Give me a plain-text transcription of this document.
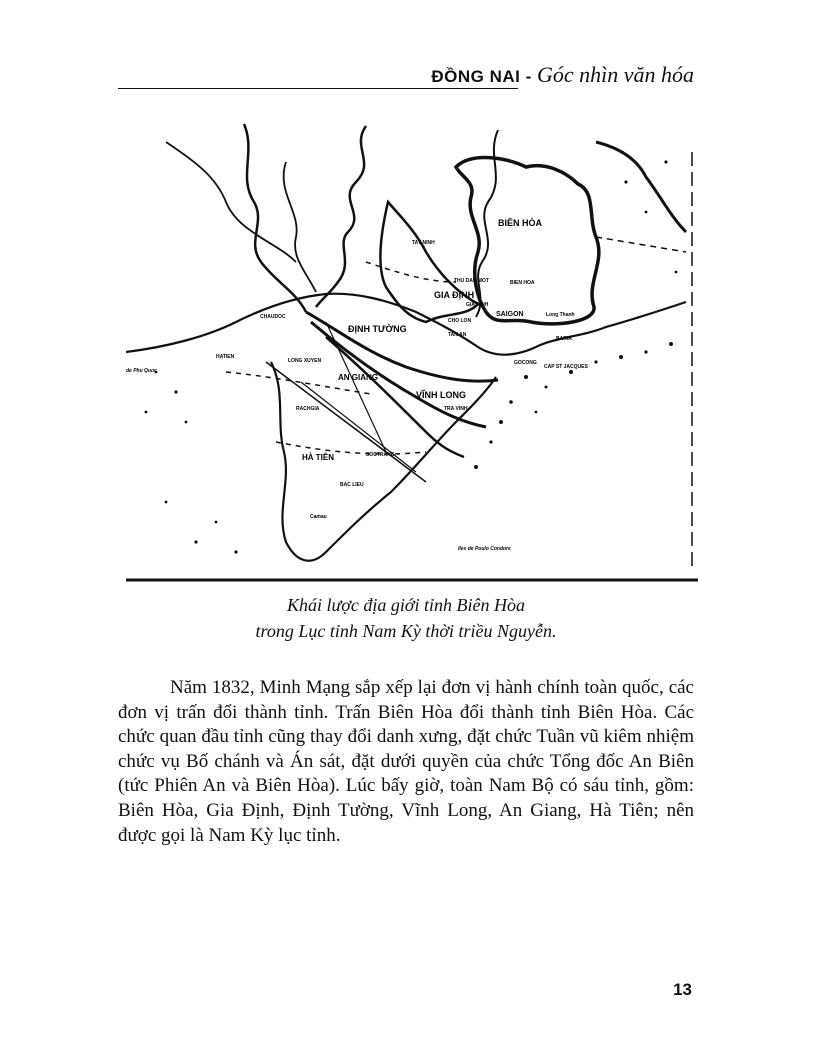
ĐỒNG NAI - Góc nhìn văn hóa
BIÊN HÒA
TAY NINH
THU DAU MOT
GIA ĐỊNH
BIEN HOA
GIA DINH
SAIGON	Long Thanh
CHO LON
CHAUDOC
ĐỊNH TƯỜNG
TAN AN
BARIA
HATIEN
LONG XUYEN
AN GIANG
GOCONG
CAP ST JACQUES
VĨNH LONG
TRA VINH
RACHGIA
HÀ TIÊN	SOCTRANG
BAC LIEU
Camau
de Phu Quoc
Iles de Poulo Condore
Khái lược địa giới tỉnh Biên Hòa
trong Lục tỉnh Nam Kỳ thời triều Nguyễn.

Năm 1832, Minh Mạng sắp xếp lại đơn vị hành chính toàn quốc, các đơn vị trấn đổi thành tỉnh. Trấn Biên Hòa đổi thành tỉnh Biên Hòa. Các chức quan đầu tỉnh cũng thay đổi danh xưng, đặt chức Tuần vũ kiêm nhiệm chức vụ Bố chánh và Án sát, đặt dưới quyền của chức Tổng đốc An Biên (tức Phiên An và Biên Hòa). Lúc bấy giờ, toàn Nam Bộ có sáu tỉnh, gồm: Biên Hòa, Gia Định, Định Tường, Vĩnh Long, An Giang, Hà Tiên; nên được gọi là Nam Kỳ lục tỉnh.

13
